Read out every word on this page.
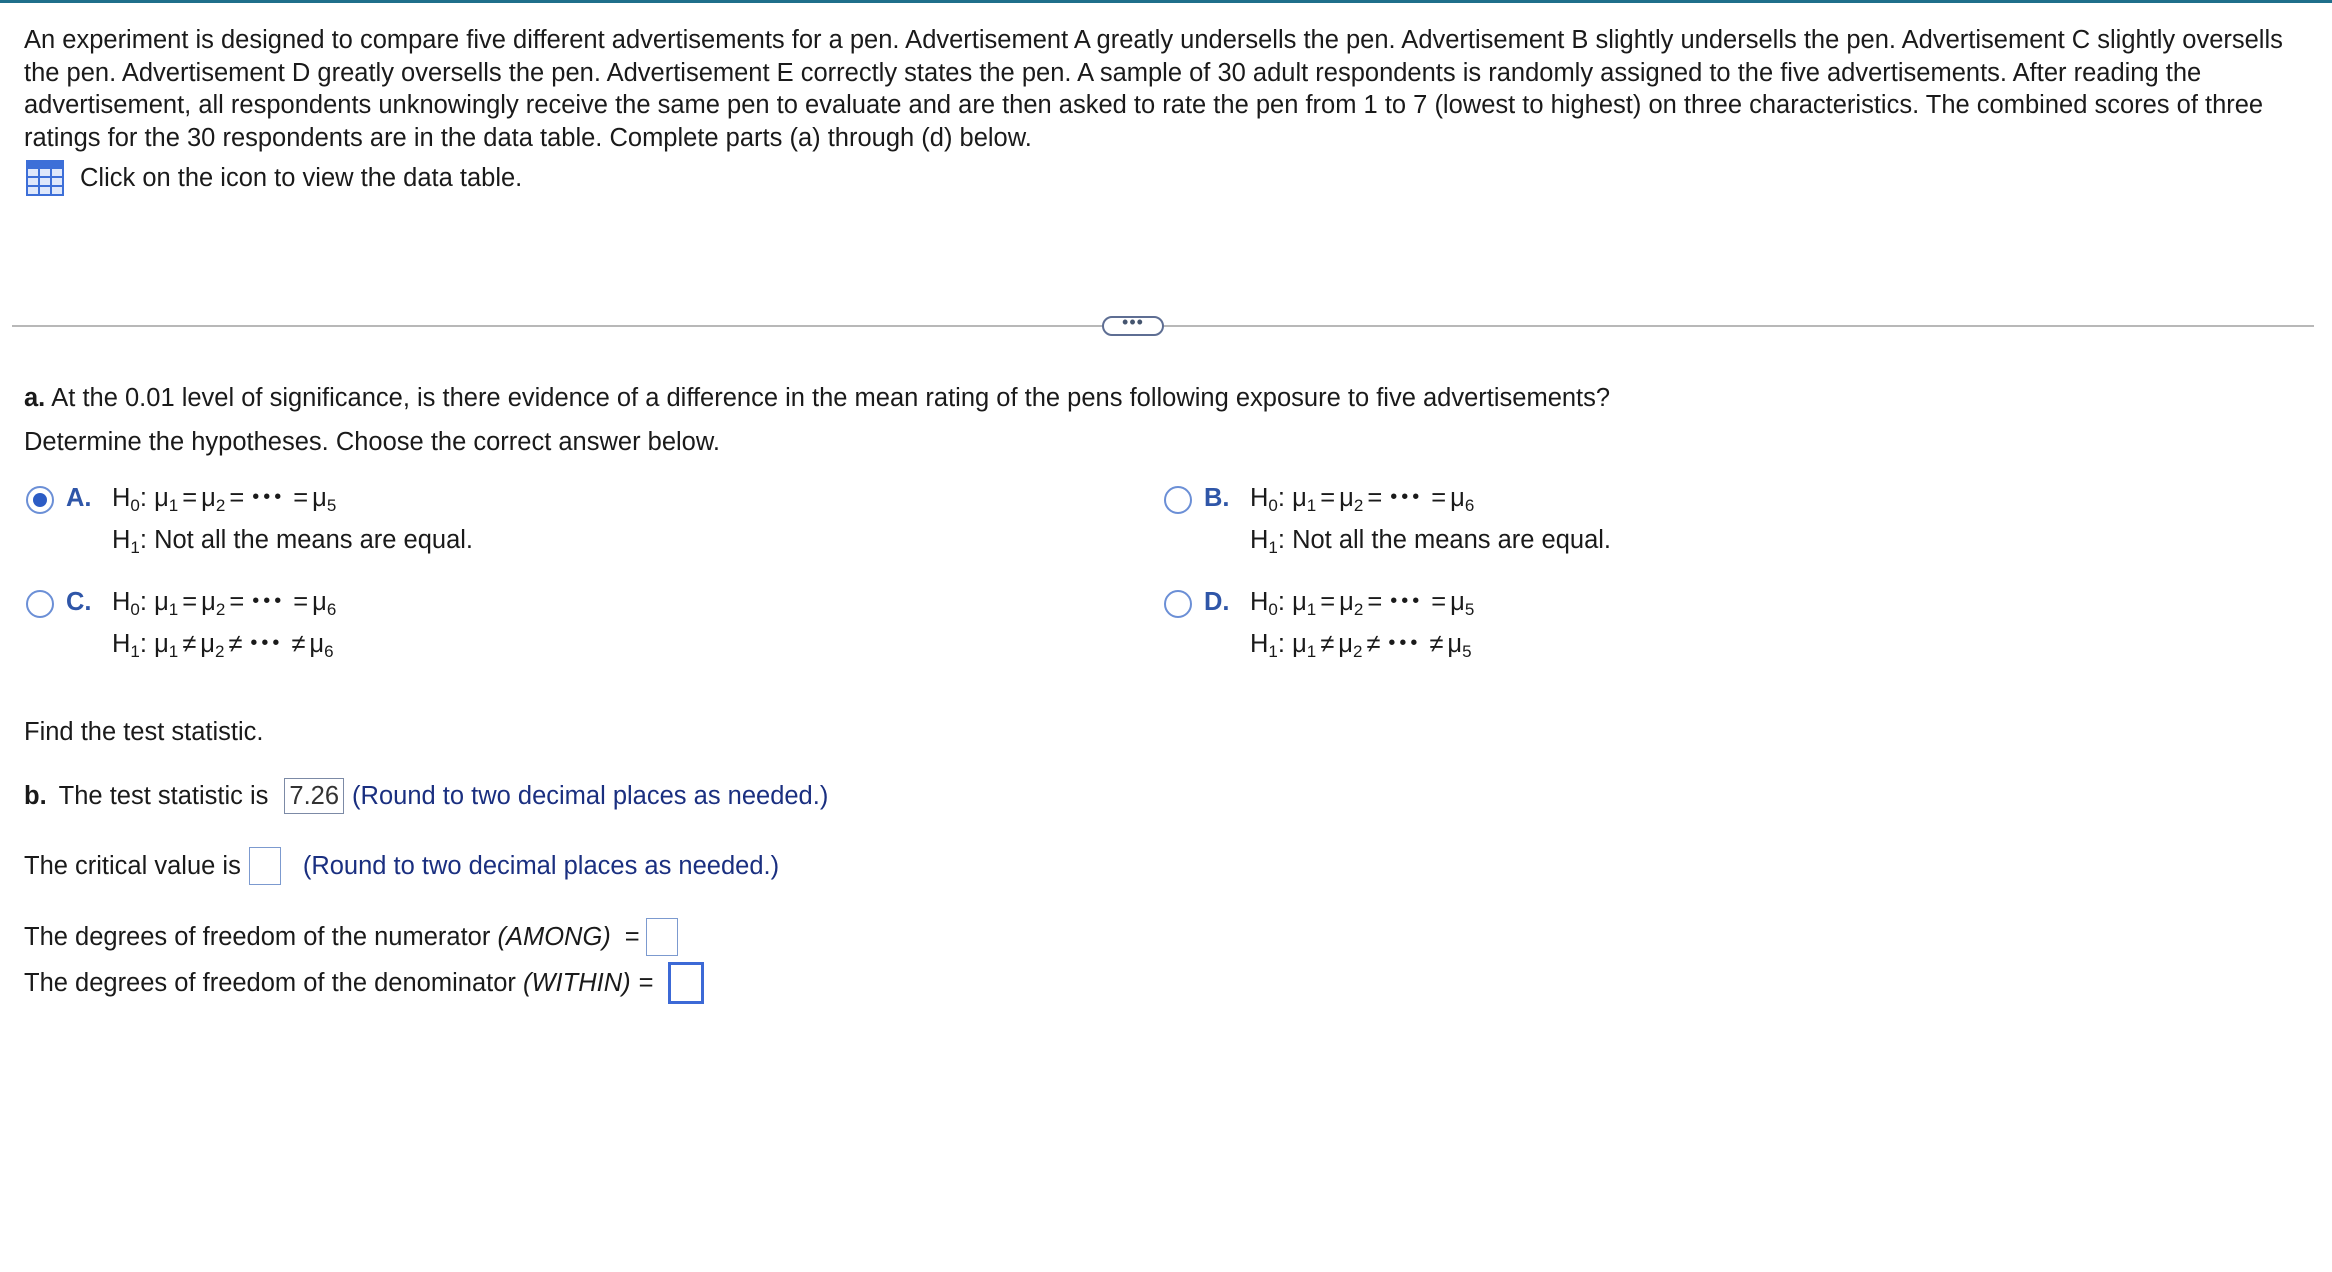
An experiment is designed to compare five different advertisements for a pen. Advertisement A greatly undersells the pen. Advertisement B slightly undersells the pen. Advertisement C slightly oversells the pen. Advertisement D greatly oversells the pen. Advertisement E correctly states the pen. A sample of 30 adult respondents is randomly assigned to the five advertisements. After reading the advertisement, all respondents unknowingly receive the same pen to evaluate and are then asked to rate the pen from 1 to 7 (lowest to highest) on three characteristics. The combined scores of three ratings for the 30 respondents are in the data table. Complete parts (a) through (d) below.
Click on the icon to view the data table.
•••
a. At the 0.01 level of significance, is there evidence of a difference in the mean rating of the pens following exposure to five advertisements?
Determine the hypotheses. Choose the correct answer below.
A. $H_0$: $\mu_1 = \mu_2$ = ••• = $\mu_5$
$H_1$: Not all the means are equal.
B. $H_0$: $\mu_1 = \mu_2$ = ••• = $\mu_6$
$H_1$: Not all the means are equal.
C. $H_0$: $\mu_1 = \mu_2$ = ••• = $\mu_6$
$H_1$: $\mu_1 \ne \mu_2$ ≠ ••• ≠ $\mu_6$
D. $H_0$: $\mu_1 = \mu_2$ = ••• = $\mu_5$
$H_1$: $\mu_1 \ne \mu_2$ ≠ ••• ≠ $\mu_5$
Find the test statistic.
b. The test statistic is 7.26 (Round to two decimal places as needed.)
The critical value is (Round to two decimal places as needed.)
The degrees of freedom of the numerator
(AMONG) =
The degrees of freedom of the denominator
(WITHIN) =
